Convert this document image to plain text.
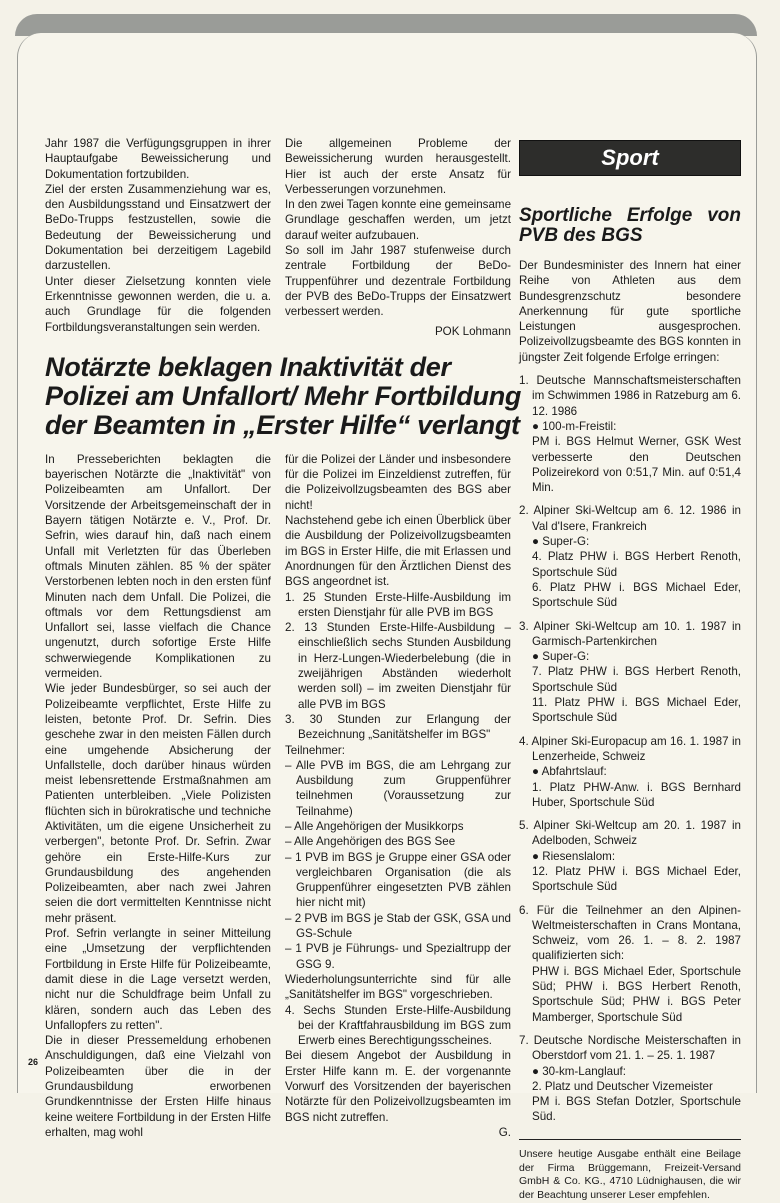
Jahr 1987 die Verfügungsgruppen in ihrer Hauptaufgabe Beweissicherung und Dokumentation fortzubilden.

Ziel der ersten Zusammenziehung war es, den Ausbildungsstand und Einsatzwert der BeDo-Trupps festzustellen, sowie die Bedeutung der Beweissicherung und Dokumentation bei derzeitigem Lagebild darzustellen.

Unter dieser Zielsetzung konnten viele Erkenntnisse gewonnen werden, die u. a. auch Grundlage für die folgenden Fortbildungsveranstaltungen sein werden.

Die allgemeinen Probleme der Beweissicherung wurden herausgestellt. Hier ist auch der erste Ansatz für Verbesserungen vorzunehmen.

In den zwei Tagen konnte eine gemeinsame Grundlage geschaffen werden, um jetzt darauf weiter aufzubauen.

So soll im Jahr 1987 stufenweise durch zentrale Fortbildung der BeDo-Truppenführer und dezentrale Fortbildung der PVB des BeDo-Trupps der Einsatzwert verbessert werden.

POK Lohmann

Notärzte beklagen Inaktivität der Polizei am Unfallort/ Mehr Fortbildung der Beamten in „Erster Hilfe“ verlangt

In Presseberichten beklagten die bayerischen Notärzte die „Inaktivität" von Polizeibeamten am Unfallort. Der Vorsitzende der Arbeitsgemeinschaft der in Bayern tätigen Notärzte e. V., Prof. Dr. Sefrin, wies darauf hin, daß nach einem Unfall mit Verletzten für das Überleben oftmals Minuten zählen. 85 % der später Verstorbenen lebten noch in den ersten fünf Minuten nach dem Unfall. Die Polizei, die oftmals vor dem Rettungsdienst am Unfallort sei, lasse vielfach die Chance ungenutzt, durch sofortige Erste Hilfe schwerwiegende Komplikationen zu vermeiden.

Wie jeder Bundesbürger, so sei auch der Polizeibeamte verpflichtet, Erste Hilfe zu leisten, betonte Prof. Dr. Sefrin. Dies geschehe zwar in den meisten Fällen durch eine umgehende Absicherung der Unfallstelle, doch darüber hinaus würden meist lebensrettende Erstmaßnahmen am Patienten unterbleiben. „Viele Polizisten flüchten sich in bürokratische und techniche Aktivitäten, um die eigene Unsicherheit zu verbergen", betonte Prof. Dr. Sefrin. Zwar gehöre ein Erste-Hilfe-Kurs zur Grundausbildung des angehenden Polizeibeamten, aber nach zwei Jahren seien die dort vermittelten Kenntnisse nicht mehr präsent.

Prof. Sefrin verlangte in seiner Mitteilung eine „Umsetzung der verpflichtenden Fortbildung in Erste Hilfe für Polizeibeamte, damit diese in die Lage versetzt werden, nicht nur die Schuldfrage beim Unfall zu klären, sondern auch das Leben des Unfallopfers zu retten".

Die in dieser Pressemeldung erhobenen Anschuldigungen, daß eine Vielzahl von Polizeibeamten über die in der Grundausbildung erworbenen Grundkenntnisse der Ersten Hilfe hinaus keine weitere Fortbildung in der Ersten Hilfe erhalten, mag wohl

für die Polizei der Länder und insbesondere für die Polizei im Einzeldienst zutreffen, für die Polizeivollzugsbeamten des BGS aber nicht!

Nachstehend gebe ich einen Überblick über die Ausbildung der Polizeivollzugsbeamten im BGS in Erster Hilfe, die mit Erlassen und Anordnungen für den Ärztlichen Dienst des BGS angeordnet ist.

1. 25 Stunden Erste-Hilfe-Ausbildung im ersten Dienstjahr für alle PVB im BGS

2. 13 Stunden Erste-Hilfe-Ausbildung – einschließlich sechs Stunden Ausbildung in Herz-Lungen-Wiederbelebung (die in zweijährigen Abständen wiederholt werden soll) – im zweiten Dienstjahr für alle PVB im BGS

3. 30 Stunden zur Erlangung der Bezeichnung „Sanitätshelfer im BGS"

Teilnehmer:

– Alle PVB im BGS, die am Lehrgang zur Ausbildung zum Gruppenführer teilnehmen (Voraussetzung zur Teilnahme)

– Alle Angehörigen der Musikkorps

– Alle Angehörigen des BGS See

– 1 PVB im BGS je Gruppe einer GSA oder vergleichbaren Organisation (die als Gruppenführer eingesetzten PVB zählen hier nicht mit)

– 2 PVB im BGS je Stab der GSK, GSA und GS-Schule

– 1 PVB je Führungs- und Spezialtrupp der GSG 9.

Wiederholungsunterrichte sind für alle „Sanitätshelfer im BGS" vorgeschrieben.

4. Sechs Stunden Erste-Hilfe-Ausbildung bei der Kraftfahrausbildung im BGS zum Erwerb eines Berechtigungsscheines.

Bei diesem Angebot der Ausbildung in Erster Hilfe kann m. E. der vorgenannte Vorwurf des Vorsitzenden der bayerischen Notärzte für den Polizeivollzugsbeamten im BGS nicht zutreffen.

G.

Sport
Sportliche Erfolge von PVB des BGS

Der Bundesminister des Innern hat einer Reihe von Athleten aus dem Bundesgrenzschutz besondere Anerkennung für gute sportliche Leistungen ausgesprochen. Polizeivollzugsbeamte des BGS konnten in jüngster Zeit folgende Erfolge erringen:

1. Deutsche Mannschaftsmeisterschaften im Schwimmen 1986 in Ratzeburg am 6. 12. 1986
● 100-m-Freistil:
PM i. BGS Helmut Werner, GSK West verbesserte den Deutschen Polizeirekord von 0:51,7 Min. auf 0:51,4 Min.

2. Alpiner Ski-Weltcup am 6. 12. 1986 in Val d'Isere, Frankreich
● Super-G:
4. Platz PHW i. BGS Herbert Renoth, Sportschule Süd
6. Platz PHW i. BGS Michael Eder, Sportschule Süd

3. Alpiner Ski-Weltcup am 10. 1. 1987 in Garmisch-Partenkirchen
● Super-G:
7. Platz PHW i. BGS Herbert Renoth, Sportschule Süd
11. Platz PHW i. BGS Michael Eder, Sportschule Süd

4. Alpiner Ski-Europacup am 16. 1. 1987 in Lenzerheide, Schweiz
● Abfahrtslauf:
1. Platz PHW-Anw. i. BGS Bernhard Huber, Sportschule Süd

5. Alpiner Ski-Weltcup am 20. 1. 1987 in Adelboden, Schweiz
● Riesenslalom:
12. Platz PHW i. BGS Michael Eder, Sportschule Süd

6. Für die Teilnehmer an den Alpinen-Weltmeisterschaften in Crans Montana, Schweiz, vom 26. 1. – 8. 2. 1987 qualifizierten sich:
PHW i. BGS Michael Eder, Sportschule Süd; PHW i. BGS Herbert Renoth, Sportschule Süd; PHW i. BGS Peter Mamberger, Sportschule Süd

7. Deutsche Nordische Meisterschaften in Oberstdorf vom 21. 1. – 25. 1. 1987
● 30-km-Langlauf:
2. Platz und Deutscher Vizemeister
PM i. BGS Stefan Dotzler, Sportschule Süd.

Unsere heutige Ausgabe enthält eine Beilage der Firma Brüggemann, Freizeit-Versand GmbH & Co. KG., 4710 Lüdnighausen, die wir der Beachtung unserer Leser empfehlen.

26
